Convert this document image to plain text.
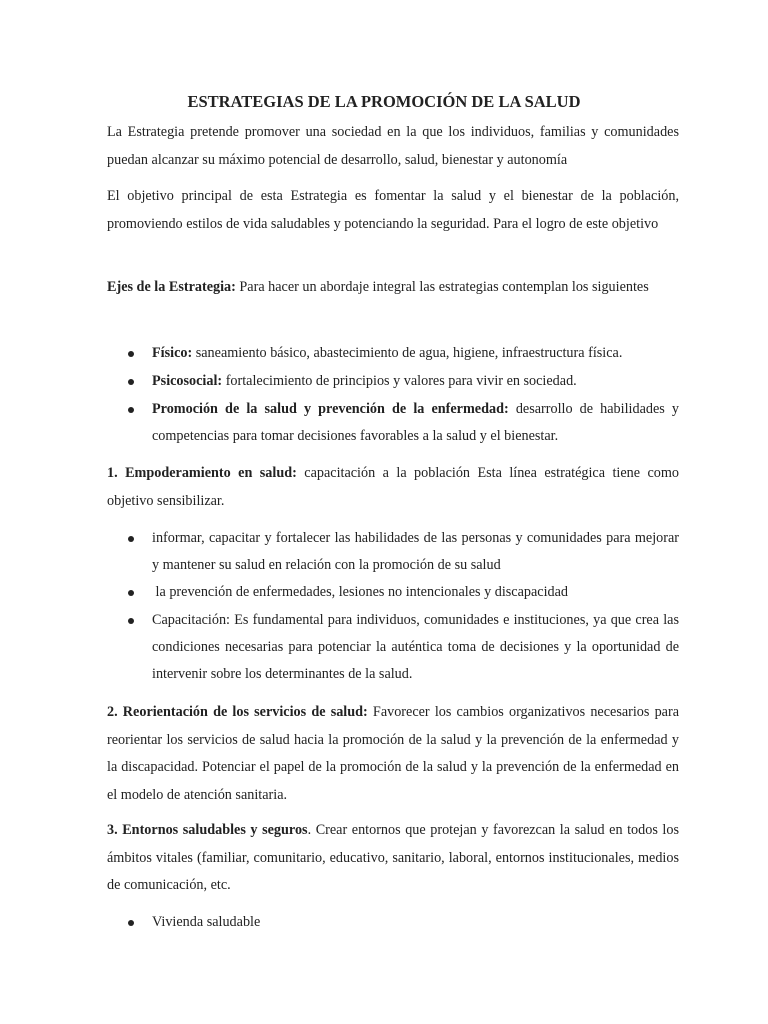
ESTRATEGIAS DE LA PROMOCIÓN DE LA SALUD

La Estrategia pretende promover una sociedad en la que los individuos, familias y comunidades puedan alcanzar su máximo potencial de desarrollo, salud, bienestar y autonomía

El objetivo principal de esta Estrategia es fomentar la salud y el bienestar de la población, promoviendo estilos de vida saludables y potenciando la seguridad. Para el logro de este objetivo

Ejes de la Estrategia: Para hacer un abordaje integral las estrategias contemplan los siguientes

Físico: saneamiento básico, abastecimiento de agua, higiene, infraestructura física.
Psicosocial: fortalecimiento de principios y valores para vivir en sociedad.
Promoción de la salud y prevención de la enfermedad: desarrollo de habilidades y competencias para tomar decisiones favorables a la salud y el bienestar.

1. Empoderamiento en salud: capacitación a la población Esta línea estratégica tiene como objetivo sensibilizar.

informar, capacitar y fortalecer las habilidades de las personas y comunidades para mejorar y mantener su salud en relación con la promoción de su salud
la prevención de enfermedades, lesiones no intencionales y discapacidad
Capacitación: Es fundamental para individuos, comunidades e instituciones, ya que crea las condiciones necesarias para potenciar la auténtica toma de decisiones y la oportunidad de intervenir sobre los determinantes de la salud.

2. Reorientación de los servicios de salud: Favorecer los cambios organizativos necesarios para reorientar los servicios de salud hacia la promoción de la salud y la prevención de la enfermedad y la discapacidad. Potenciar el papel de la promoción de la salud y la prevención de la enfermedad en el modelo de atención sanitaria.

3. Entornos saludables y seguros. Crear entornos que protejan y favorezcan la salud en todos los ámbitos vitales (familiar, comunitario, educativo, sanitario, laboral, entornos institucionales, medios de comunicación, etc.

Vivienda saludable
